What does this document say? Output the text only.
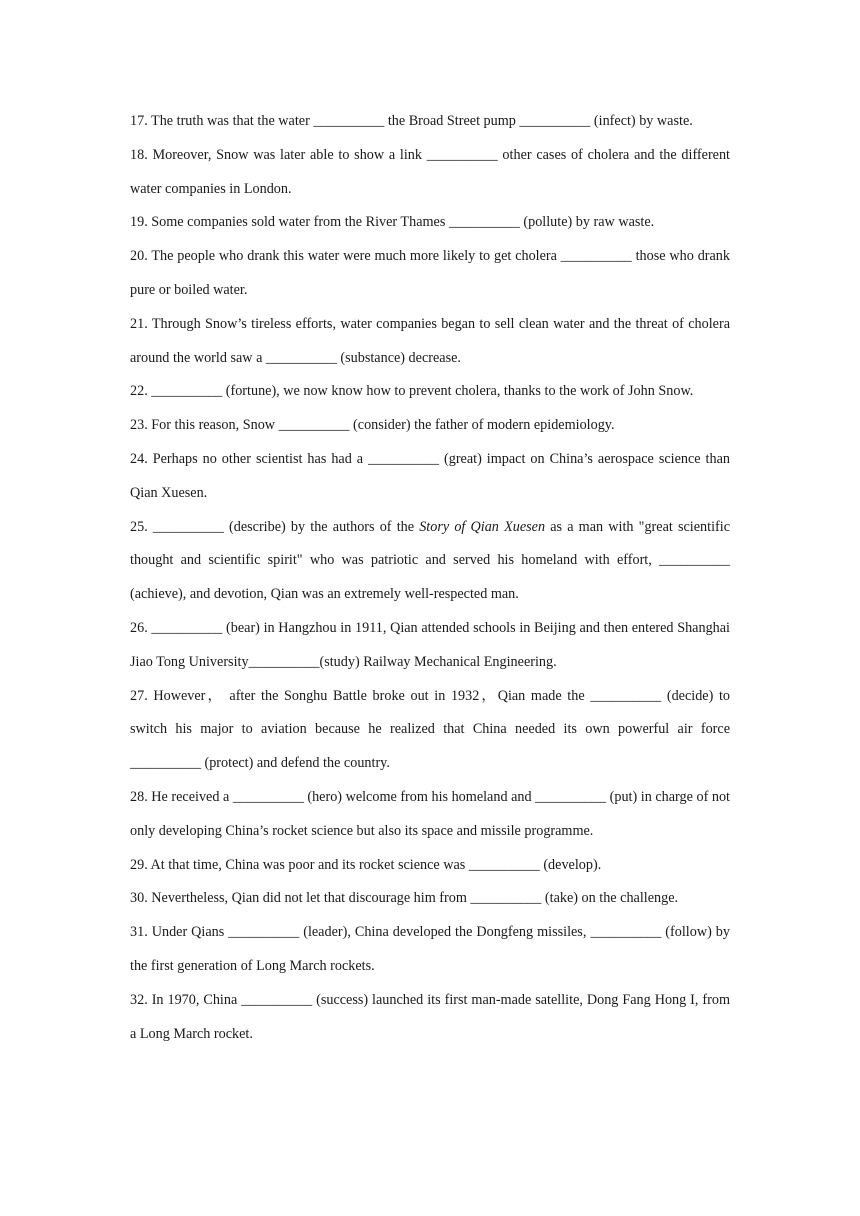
17. The truth was that the water __________ the Broad Street pump __________ (infect) by waste.

18. Moreover, Snow was later able to show a link __________ other cases of cholera and the different water companies in London.

19. Some companies sold water from the River Thames __________ (pollute) by raw waste.

20. The people who drank this water were much more likely to get cholera __________ those who drank pure or boiled water.

21. Through Snow’s tireless efforts, water companies began to sell clean water and the threat of cholera around the world saw a __________ (substance) decrease.

22. __________ (fortune), we now know how to prevent cholera, thanks to the work of John Snow.

23. For this reason, Snow __________ (consider) the father of modern epidemiology.

24. Perhaps no other scientist has had a __________ (great) impact on China’s aerospace science than Qian Xuesen.

25. __________ (describe) by the authors of the Story of Qian Xuesen as a man with "great scientific thought and scientific spirit" who was patriotic and served his homeland with effort, __________ (achieve), and devotion, Qian was an extremely well-respected man.

26. __________ (bear) in Hangzhou in 1911, Qian attended schools in Beijing and then entered Shanghai Jiao Tong University__________(study) Railway Mechanical Engineering.

27. However， after the Songhu Battle broke out in 1932，Qian made the __________ (decide) to switch his major to aviation because he realized that China needed its own powerful air force __________ (protect) and defend the country.

28. He received a __________ (hero) welcome from his homeland and __________ (put) in charge of not only developing China’s rocket science but also its space and missile programme.

29. At that time, China was poor and its rocket science was __________ (develop).

30. Nevertheless, Qian did not let that discourage him from __________ (take) on the challenge.

31. Under Qians __________ (leader), China developed the Dongfeng missiles, __________ (follow) by the first generation of Long March rockets.

32. In 1970, China __________ (success) launched its first man-made satellite, Dong Fang Hong I, from a Long March rocket.
